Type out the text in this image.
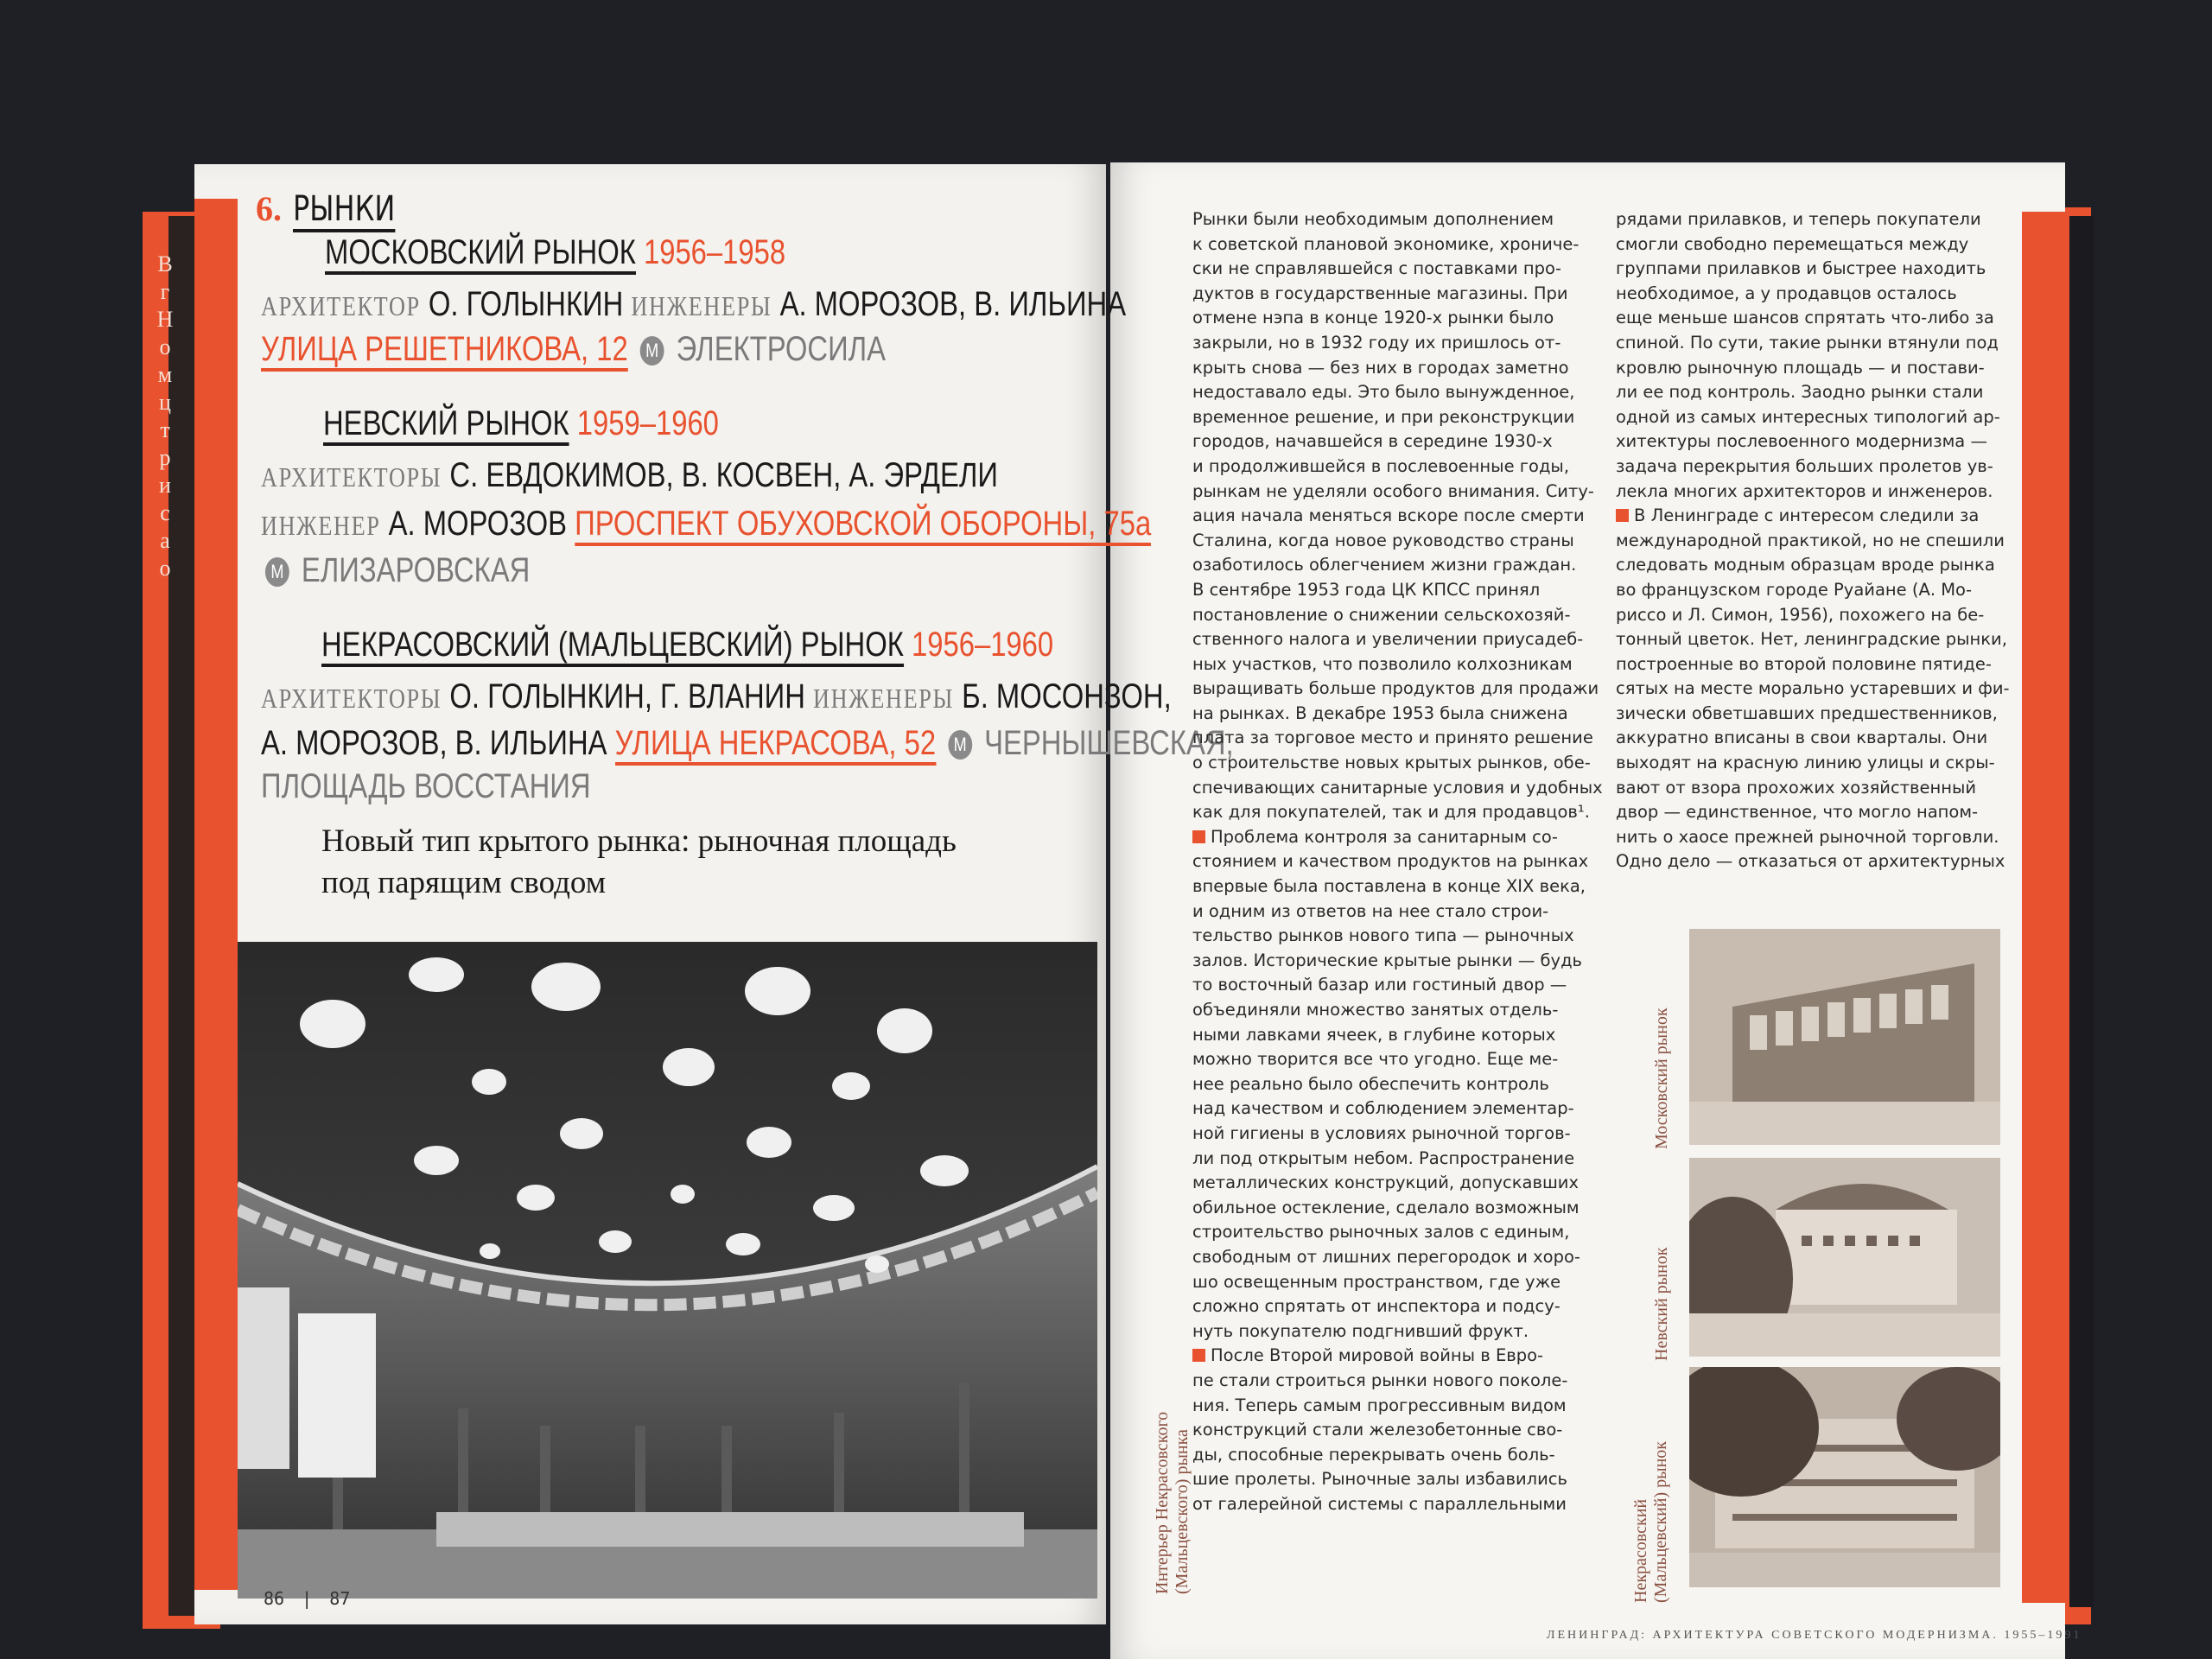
В
г
Н
о
м
ц
т
р
и
с
а
о
6. РЫНКИ
МОСКОВСКИЙ РЫНОК 1956–1958
АРХИТЕКТОР О. ГОЛЫНКИН ИНЖЕНЕРЫ А. МОРОЗОВ, В. ИЛЬИНА
УЛИЦА РЕШЕТНИКОВА, 12 М ЭЛЕКТРОСИЛА
НЕВСКИЙ РЫНОК 1959–1960
АРХИТЕКТОРЫ С. ЕВДОКИМОВ, В. КОСВЕН, А. ЭРДЕЛИ
ИНЖЕНЕР А. МОРОЗОВ ПРОСПЕКТ ОБУХОВСКОЙ ОБОРОНЫ, 75а
М ЕЛИЗАРОВСКАЯ
НЕКРАСОВСКИЙ (МАЛЬЦЕВСКИЙ) РЫНОК 1956–1960
АРХИТЕКТОРЫ О. ГОЛЫНКИН, Г. ВЛАНИН ИНЖЕНЕРЫ Б. МОСОНЗОН,
А. МОРОЗОВ, В. ИЛЬИНА УЛИЦА НЕКРАСОВА, 52 М ЧЕРНЫШЕВСКАЯ,
ПЛОЩАДЬ ВОССТАНИЯ
Новый тип крытого рынка: рыночная площадь
под парящим сводом
86 | 87

Рынки были необходимым дополнением

к советской плановой экономике, хрониче-

ски не справлявшейся с поставками про-

дуктов в государственные магазины. При

отмене нэпа в конце 1920-х рынки было

закрыли, но в 1932 году их пришлось от-

крыть снова — без них в городах заметно

недоставало еды. Это было вынужденное,

временное решение, и при реконструкции

городов, начавшейся в середине 1930-х

и продолжившейся в послевоенные годы,

рынкам не уделяли особого внимания. Ситу-

ация начала меняться вскоре после смерти

Сталина, когда новое руководство страны

озаботилось облегчением жизни граждан.

В сентябре 1953 года ЦК КПСС принял

постановление о снижении сельскохозяй-

ственного налога и увеличении приусадеб-

ных участков, что позволило колхозникам

выращивать больше продуктов для продажи

на рынках. В декабре 1953 была снижена

плата за торговое место и принято решение

о строительстве новых крытых рынков, обе-

спечивающих санитарные условия и удобных

как для покупателей, так и для продавцов¹.

Проблема контроля за санитарным со-

стоянием и качеством продуктов на рынках

впервые была поставлена в конце XIX века,

и одним из ответов на нее стало строи-

тельство рынков нового типа — рыночных

залов. Исторические крытые рынки — будь

то восточный базар или гостиный двор —

объединяли множество занятых отдель-

ными лавками ячеек, в глубине которых

можно творится все что угодно. Еще ме-

нее реально было обеспечить контроль

над качеством и соблюдением элементар-

ной гигиены в условиях рыночной торгов-

ли под открытым небом. Распространение

металлических конструкций, допускавших

обильное остекление, сделало возможным

строительство рыночных залов с единым,

свободным от лишних перегородок и хоро-

шо освещенным пространством, где уже

сложно спрятать от инспектора и подсу-

нуть покупателю подгнивший фрукт.

После Второй мировой войны в Евро-

пе стали строиться рынки нового поколе-

ния. Теперь самым прогрессивным видом

конструкций стали железобетонные сво-

ды, способные перекрывать очень боль-

шие пролеты. Рыночные залы избавились

от галерейной системы с параллельными

рядами прилавков, и теперь покупатели

смогли свободно перемещаться между

группами прилавков и быстрее находить

необходимое, а у продавцов осталось

еще меньше шансов спрятать что-либо за

спиной. По сути, такие рынки втянули под

кровлю рыночную площадь — и постави-

ли ее под контроль. Заодно рынки стали

одной из самых интересных типологий ар-

хитектуры послевоенного модернизма —

задача перекрытия больших пролетов ув-

лекла многих архитекторов и инженеров.

В Ленинграде с интересом следили за

международной практикой, но не спешили

следовать модным образцам вроде рынка

во французском городе Руайане (А. Мо-

риссо и Л. Симон, 1956), похожего на бе-

тонный цветок. Нет, ленинградские рынки,

построенные во второй половине пятиде-

сятых на месте морально устаревших и фи-

зически обветшавших предшественников,

аккуратно вписаны в свои кварталы. Они

выходят на красную линию улицы и скры-

вают от взора прохожих хозяйственный

двор — единственное, что могло напом-

нить о хаосе прежней рыночной торговли.

Одно дело — отказаться от архитектурных

Интерьер Некрасовского (Мальцевского) рынка
Московский рынок
Невский рынок
Некрасовский (Мальцевский) рынок
ЛЕНИНГРАД: АРХИТЕКТУРА СОВЕТСКОГО МОДЕРНИЗМА. 1955–1991
